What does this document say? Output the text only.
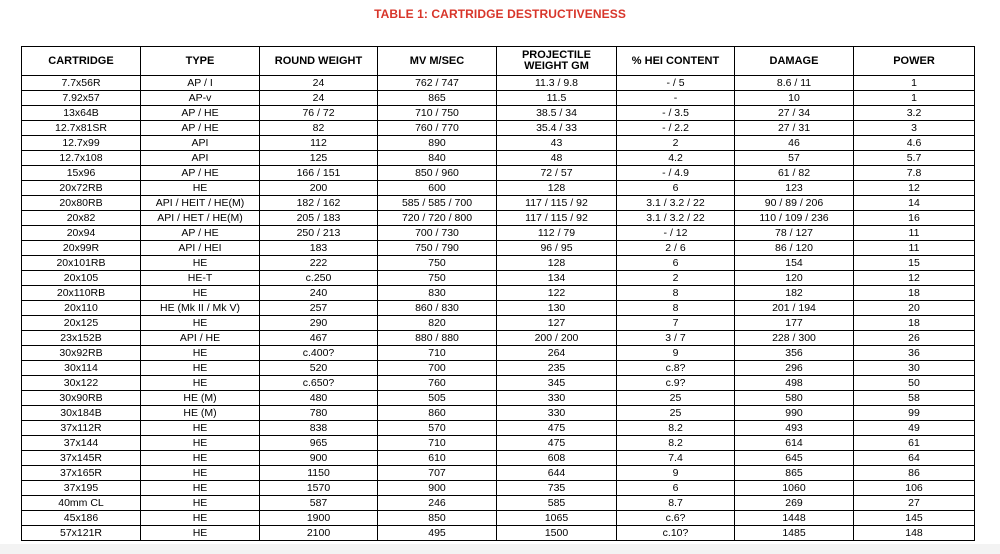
TABLE 1: CARTRIDGE DESTRUCTIVENESS
CARTRIDGE	TYPE	ROUND WEIGHT	MV M/SEC	PROJECTILE WEIGHT GM	% HEI CONTENT	DAMAGE	POWER
7.7x56R	AP / I	24	762 / 747	11.3 / 9.8	- / 5	8.6 / 11	1
7.92x57	AP-v	24	865	11.5	-	10	1
13x64B	AP / HE	76 / 72	710 / 750	38.5 / 34	- / 3.5	27 / 34	3.2
12.7x81SR	AP / HE	82	760 / 770	35.4 / 33	- / 2.2	27 / 31	3
12.7x99	API	112	890	43	2	46	4.6
12.7x108	API	125	840	48	4.2	57	5.7
15x96	AP / HE	166 / 151	850 / 960	72 / 57	- / 4.9	61 / 82	7.8
20x72RB	HE	200	600	128	6	123	12
20x80RB	API / HEIT / HE(M)	182 / 162	585 / 585 / 700	117 / 115 / 92	3.1 / 3.2 / 22	90 / 89 / 206	14
20x82	API / HET / HE(M)	205 / 183	720 / 720 / 800	117 / 115 / 92	3.1 / 3.2 / 22	110 / 109 / 236	16
20x94	AP / HE	250 / 213	700 / 730	112 / 79	- / 12	78 / 127	11
20x99R	API / HEI	183	750 / 790	96 / 95	2 / 6	86 / 120	11
20x101RB	HE	222	750	128	6	154	15
20x105	HE-T	c.250	750	134	2	120	12
20x110RB	HE	240	830	122	8	182	18
20x110	HE (Mk II / Mk V)	257	860 / 830	130	8	201 / 194	20
20x125	HE	290	820	127	7	177	18
23x152B	API / HE	467	880 / 880	200 / 200	3 / 7	228 / 300	26
30x92RB	HE	c.400?	710	264	9	356	36
30x114	HE	520	700	235	c.8?	296	30
30x122	HE	c.650?	760	345	c.9?	498	50
30x90RB	HE (M)	480	505	330	25	580	58
30x184B	HE (M)	780	860	330	25	990	99
37x112R	HE	838	570	475	8.2	493	49
37x144	HE	965	710	475	8.2	614	61
37x145R	HE	900	610	608	7.4	645	64
37x165R	HE	1150	707	644	9	865	86
37x195	HE	1570	900	735	6	1060	106
40mm CL	HE	587	246	585	8.7	269	27
45x186	HE	1900	850	1065	c.6?	1448	145
57x121R	HE	2100	495	1500	c.10?	1485	148
